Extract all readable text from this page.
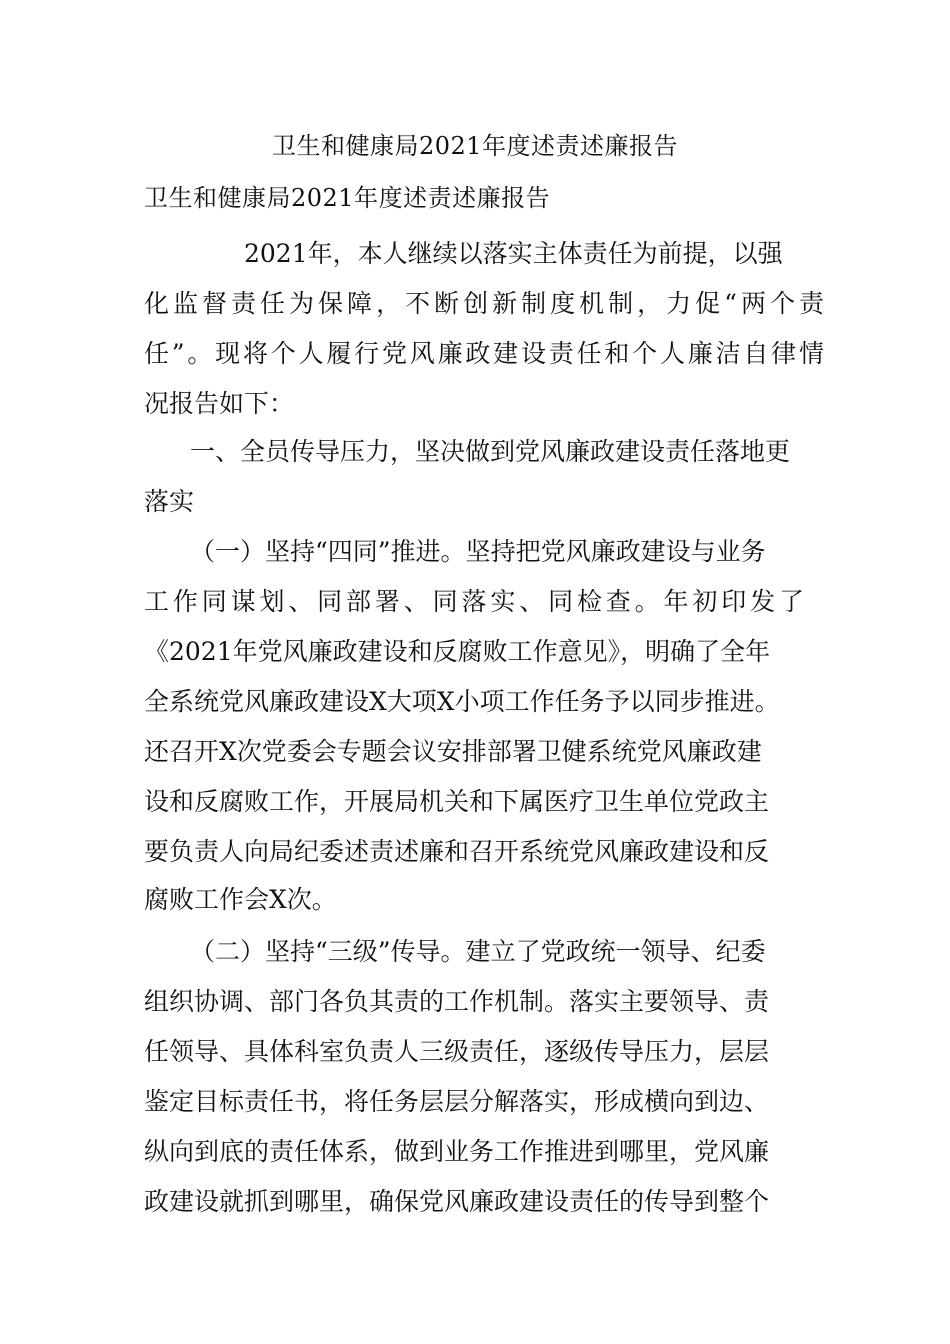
卫生和健康局2021年度述责述廉报告
卫生和健康局2021年度述责述廉报告

2021年，本人继续以落实主体责任为前提，以强

化监督责任为保障，不断创新制度机制，力促“两个责

任”。现将个人履行党风廉政建设责任和个人廉洁自律情

况报告如下：

一、全员传导压力，坚决做到党风廉政建设责任落地更

落实

（一）坚持“四同”推进。坚持把党风廉政建设与业务

工作同谋划、同部署、同落实、同检查。年初印发了

《2021年党风廉政建设和反腐败工作意见》，明确了全年

全系统党风廉政建设X大项X小项工作任务予以同步推进。

还召开X次党委会专题会议安排部署卫健系统党风廉政建

设和反腐败工作，开展局机关和下属医疗卫生单位党政主

要负责人向局纪委述责述廉和召开系统党风廉政建设和反

腐败工作会X次。

（二）坚持“三级”传导。建立了党政统一领导、纪委

组织协调、部门各负其责的工作机制。落实主要领导、责

任领导、具体科室负责人三级责任，逐级传导压力，层层

鉴定目标责任书，将任务层层分解落实，形成横向到边、

纵向到底的责任体系，做到业务工作推进到哪里，党风廉

政建设就抓到哪里，确保党风廉政建设责任的传导到整个
